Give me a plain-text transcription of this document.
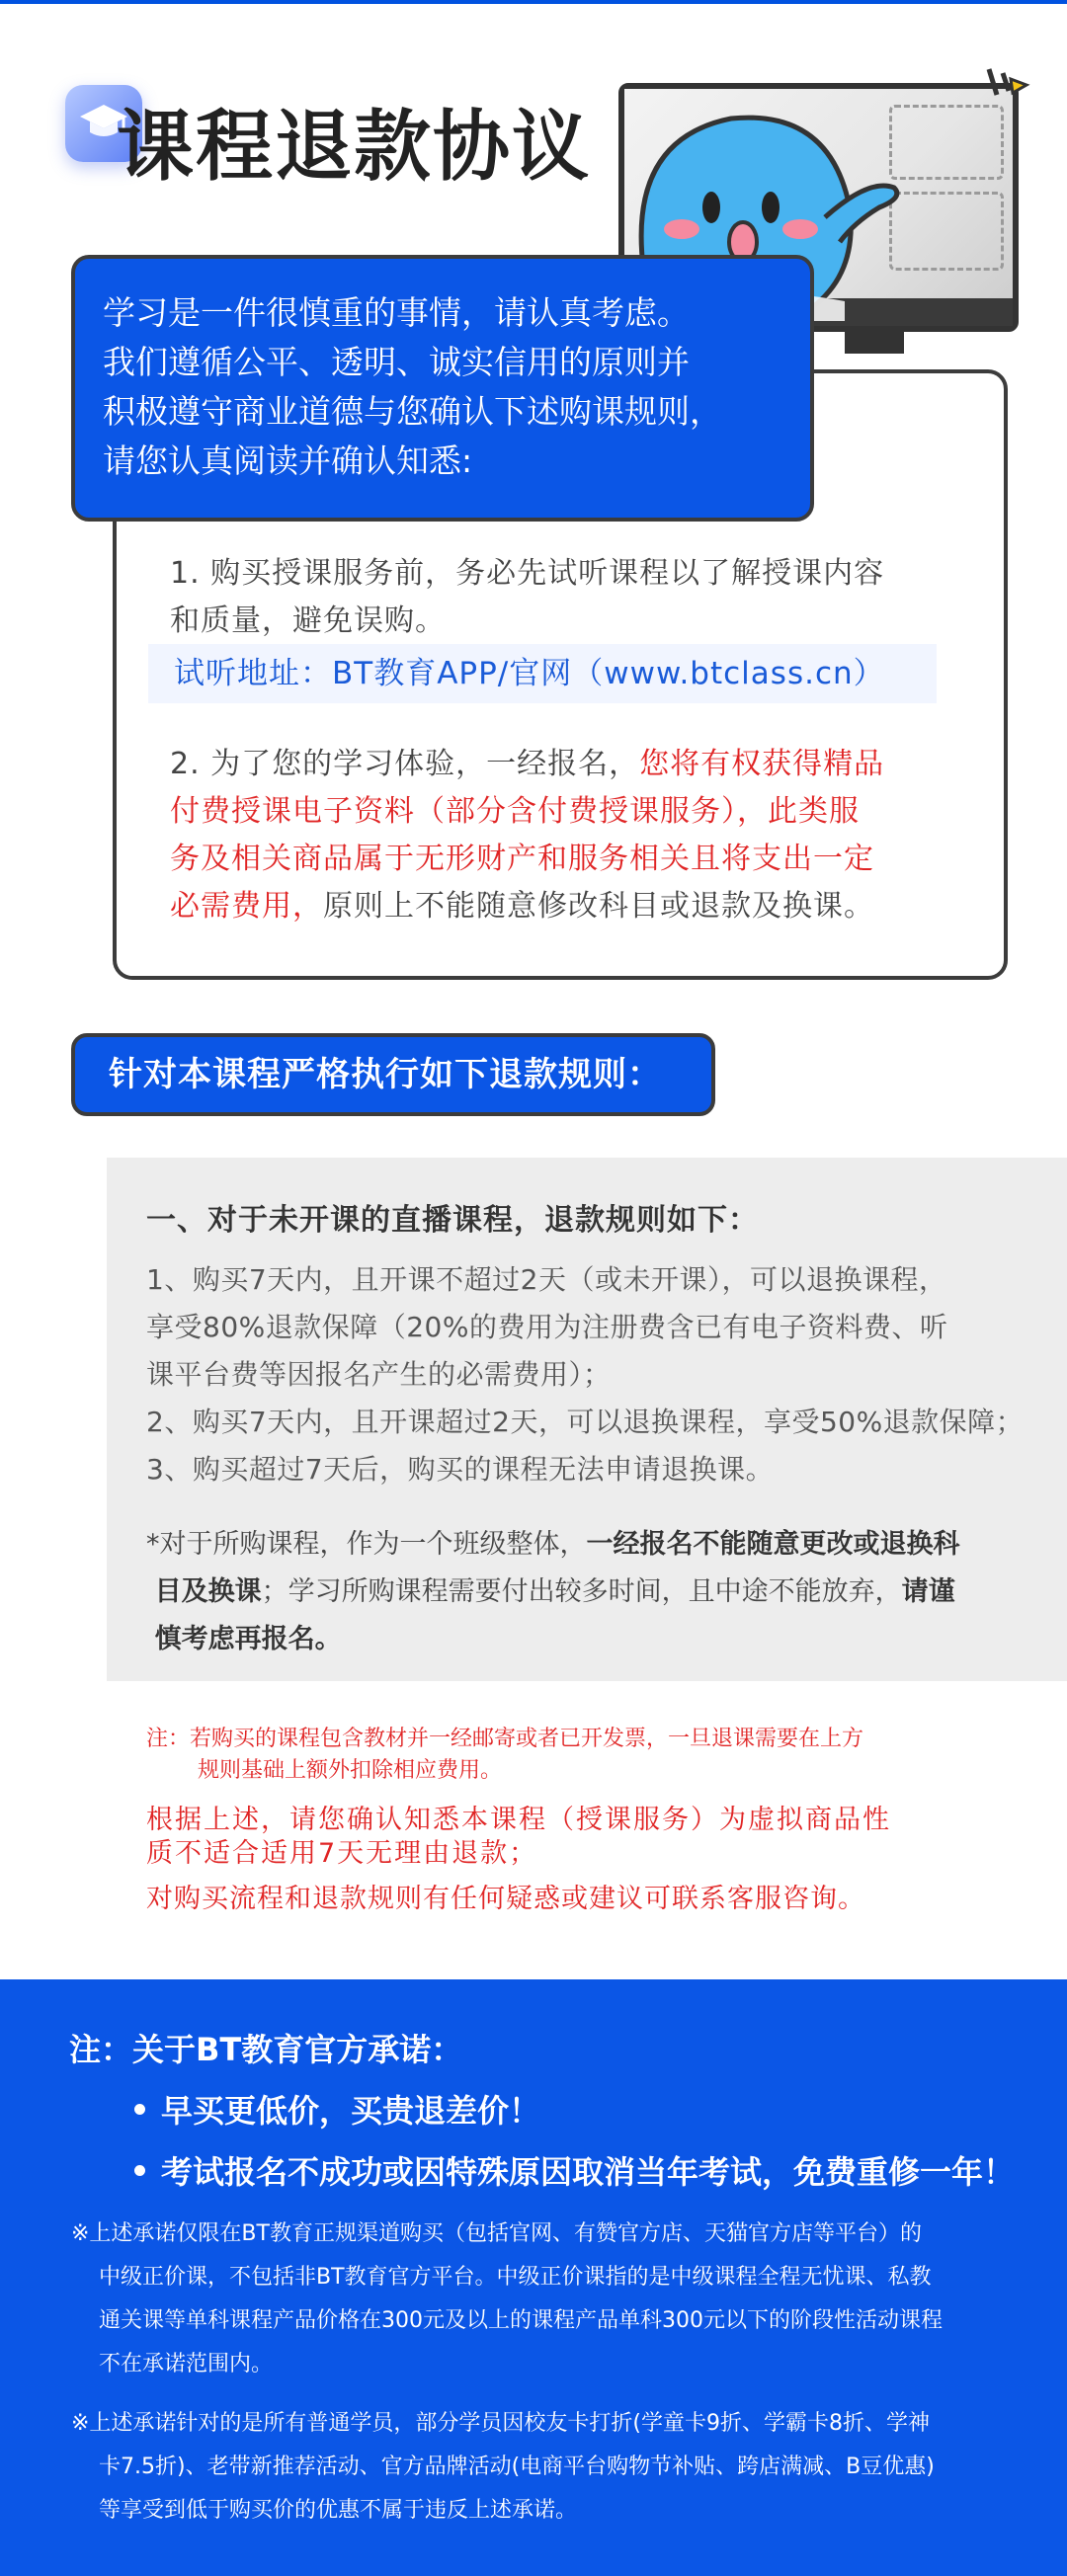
课程退款协议
学习是一件很慎重的事情，请认真考虑。
我们遵循公平、透明、诚实信用的原则并
积极遵守商业道德与您确认下述购课规则，
请您认真阅读并确认知悉:
1. 购买授课服务前，务必先试听课程以了解授课内容
和质量，避免误购。
试听地址：BT教育APP/官网（www.btclass.cn）
2. 为了您的学习体验，一经报名，您将有权获得精品
付费授课电子资料（部分含付费授课服务），此类服
务及相关商品属于无形财产和服务相关且将支出一定
必需费用，原则上不能随意修改科目或退款及换课。
针对本课程严格执行如下退款规则：
一、对于未开课的直播课程，退款规则如下：
1、购买7天内，且开课不超过2天（或未开课），可以退换课程，
享受80%退款保障（20%的费用为注册费含已有电子资料费、听
课平台费等因报名产生的必需费用）；
2、购买7天内，且开课超过2天，可以退换课程，享受50%退款保障；
3、购买超过7天后，购买的课程无法申请退换课。
*对于所购课程，作为一个班级整体，一经报名不能随意更改或退换科
目及换课；学习所购课程需要付出较多时间，且中途不能放弃，请谨
慎考虑再报名。
注：若购买的课程包含教材并一经邮寄或者已开发票，一旦退课需要在上方
规则基础上额外扣除相应费用。
根据上述，请您确认知悉本课程（授课服务）为虚拟商品性
质不适合适用7天无理由退款；
对购买流程和退款规则有任何疑惑或建议可联系客服咨询。
注：关于BT教育官方承诺：
早买更低价，买贵退差价！
考试报名不成功或因特殊原因取消当年考试，免费重修一年！
※上述承诺仅限在BT教育正规渠道购买（包括官网、有赞官方店、天猫官方店等平台）的
中级正价课，不包括非BT教育官方平台。中级正价课指的是中级课程全程无忧课、私教
通关课等单科课程产品价格在300元及以上的课程产品单科300元以下的阶段性活动课程
不在承诺范围内。
※上述承诺针对的是所有普通学员，部分学员因校友卡打折(学童卡9折、学霸卡8折、学神
卡7.5折)、老带新推荐活动、官方品牌活动(电商平台购物节补贴、跨店满减、B豆优惠)
等享受到低于购买价的优惠不属于违反上述承诺。
